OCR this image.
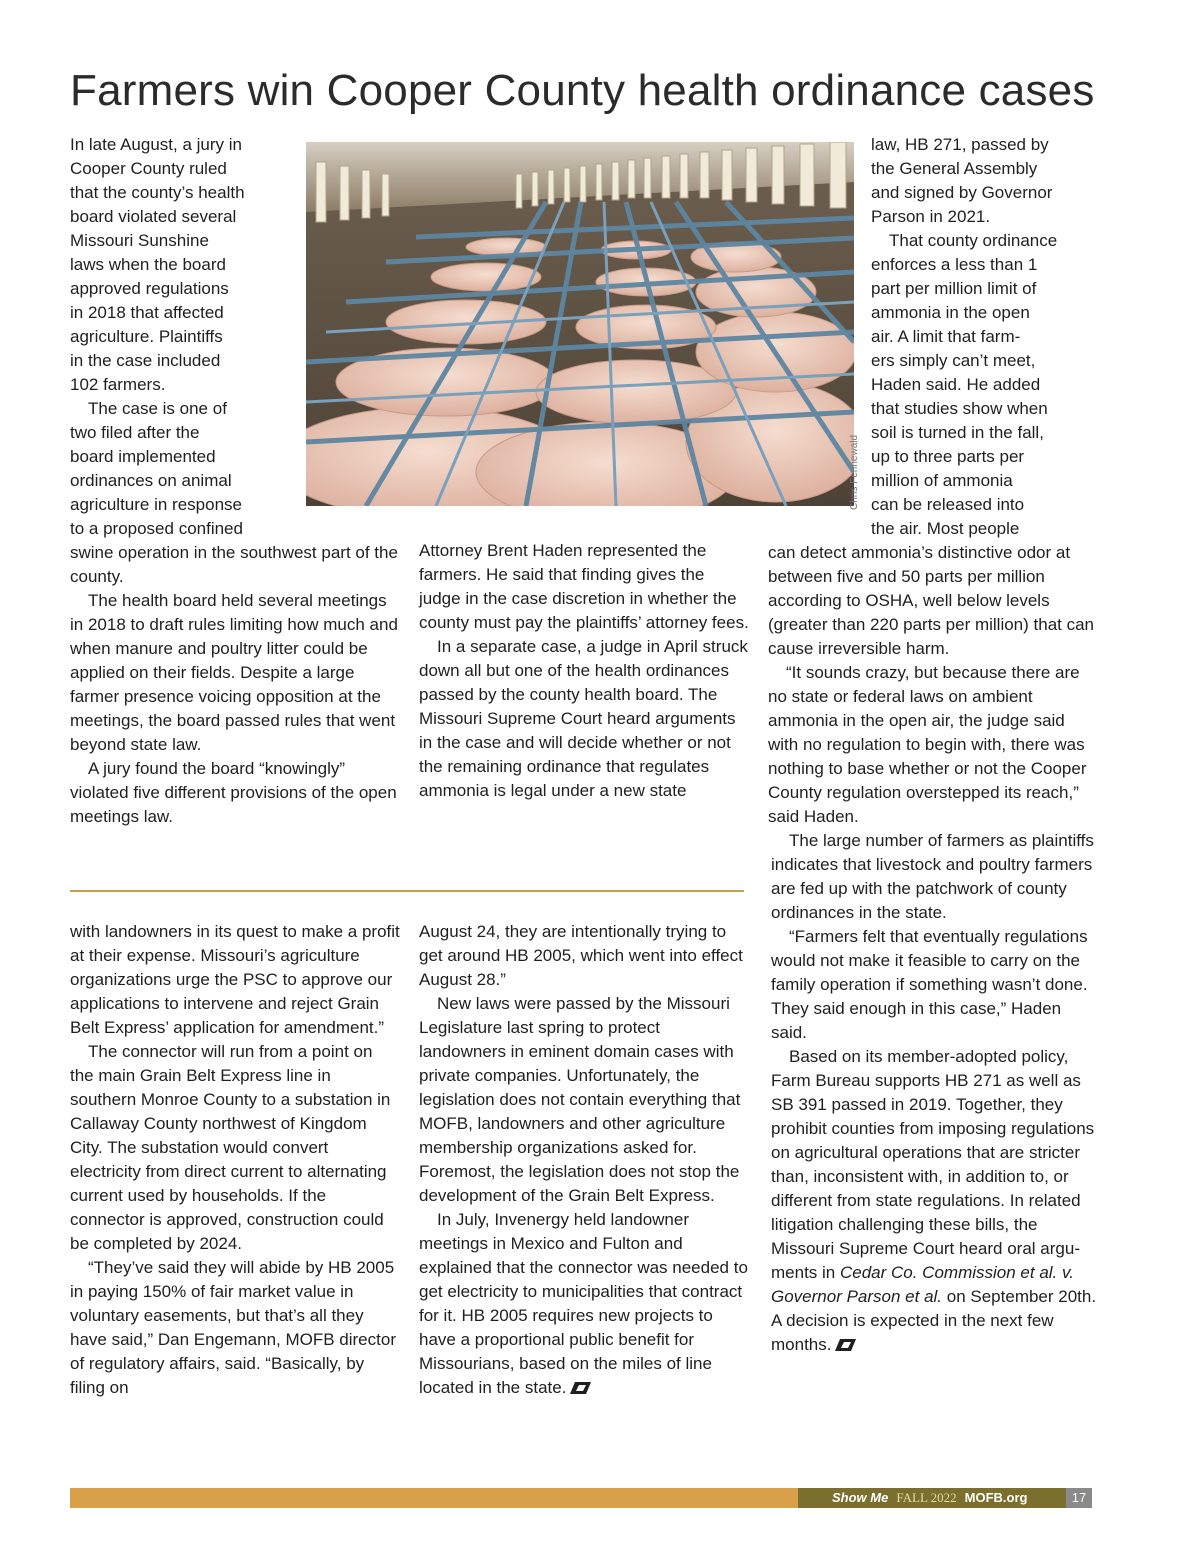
Farmers win Cooper County health ordinance cases
In late August, a jury in
Cooper County ruled
that the county’s health
board violated several
Missouri Sunshine
laws when the board
approved regulations
in 2018 that affected
agriculture. Plaintiffs
in the case included
102 farmers.
The case is one of
two filed after the
board implemented
ordinances on animal
agriculture in response
to a proposed confined

swine operation in the southwest part of the county.

The health board held several meetings in 2018 to draft rules limiting how much and when manure and poultry litter could be applied on their fields. Despite a large farmer presence voicing opposition at the meetings, the board passed rules that went beyond state law.

A jury found the board “knowingly” violated five different provisions of the open meetings law.

Chris Fennewald

Attorney Brent Haden represented the farmers. He said that finding gives the judge in the case discretion in whether the county must pay the plaintiffs’ attorney fees.

In a separate case, a judge in April struck down all but one of the health ordinances passed by the county health board. The Missouri Supreme Court heard arguments in the case and will decide whether or not the remaining ordinance that regulates ammonia is legal under a new state

law, HB 271, passed by
the General Assembly
and signed by Governor
Parson in 2021.
That county ordinance
enforces a less than 1
part per million limit of
ammonia in the open
air. A limit that farm-
ers simply can’t meet,
Haden said. He added
that studies show when
soil is turned in the fall,
up to three parts per
million of ammonia
can be released into
the air. Most people

can detect ammonia’s distinctive odor at between five and 50 parts per million according to OSHA, well below levels (greater than 220 parts per million) that can cause irreversible harm.

“It sounds crazy, but because there are no state or federal laws on ambient ammonia in the open air, the judge said with no regulation to begin with, there was nothing to base whether or not the Cooper County regulation overstepped its reach,” said Haden.

The large number of farmers as plaintiffs indicates that livestock and poultry farmers are fed up with the patchwork of county ordinances in the state.

“Farmers felt that eventually regulations would not make it feasible to carry on the family operation if something wasn’t done. They said enough in this case,” Haden said.

Based on its member-adopted policy, Farm Bureau supports HB 271 as well as SB 391 passed in 2019. Together, they prohibit counties from imposing regulations on agricultural operations that are stricter than, inconsistent with, in addition to, or different from state regulations. In related litigation challenging these bills, the Missouri Supreme Court heard oral arguments in Cedar Co. Commission et al. v. Governor Parson et al. on September 20th. A decision is expected in the next few months.

with landowners in its quest to make a profit at their expense. Missouri’s agriculture organizations urge the PSC to approve our applications to intervene and reject Grain Belt Express’ application for amendment.”

The connector will run from a point on the main Grain Belt Express line in southern Monroe County to a substation in Callaway County northwest of Kingdom City. The substation would convert electricity from direct current to alternating current used by households. If the connector is approved, construction could be completed by 2024.

“They’ve said they will abide by HB 2005 in paying 150% of fair market value in voluntary easements, but that’s all they have said,” Dan Engemann, MOFB director of regulatory affairs, said. “Basically, by filing on

August 24, they are intentionally trying to get around HB 2005, which went into effect August 28.”

New laws were passed by the Missouri Legislature last spring to protect landowners in eminent domain cases with private companies. Unfortunately, the legislation does not contain everything that MOFB, landowners and other agriculture membership organizations asked for. Foremost, the legislation does not stop the development of the Grain Belt Express.

In July, Invenergy held landowner meetings in Mexico and Fulton and explained that the connector was needed to get electricity to municipalities that contract for it. HB 2005 requires new projects to have a proportional public benefit for Missourians, based on the miles of line located in the state.

Show Me FALL 2022 MOFB.org	17
